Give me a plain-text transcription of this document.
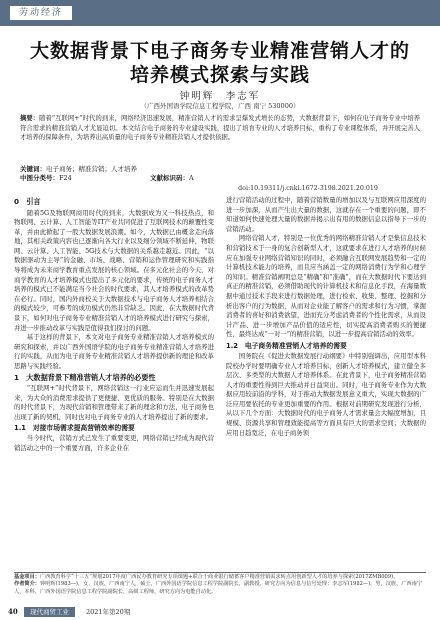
劳动经济
大数据背景下电子商务专业精准营销人才的
培养模式探索与实践
钟明辉　李志军
（广西外国语学院信息工程学院，广西 南宁 530000）
摘要：随着“互联网+”时代的到来，网络经济迅速发展，精准营销人才的需求呈爆发式增长的态势，大数据背景下，如何在电子商务专业中培养符合需求的精准营销人才尤显迫切。本文结合电子商务的专业建设实践，提出了培育专业的人才培养目标，重构了专业课程体系，并开展完善人才培养的保障条件，为培养出高质量的电子商务专业精准营销人才提供依据。
关键词：电子商务；精准营销；人才培养
中图分类号：F24	文献标识码：A
doi:10.19311/j.cnki.1672-3198.2021.20.019
0　引言

随着5G及物联网商用时代的到来，大数据成为又一科技热点，和物联网、云计算、人工智能等IT产业共同促进了互联网技术的颠覆性变革，并由此掀起了一股大数据发展浪潮。如今，大数据已由概念走向落地，其相关政策内容也已逐渐向各大行业以及细分领域不断延伸，物联网、云计算、人工智能、5G技术与大数据的关系越走越近。因此，“以数据驱动为主导”的金融、市场、战略、营销和运作管理研究和实践指导将成为未来商学教育重点发展的核心领域。在多元化社会的今天，对商学教育的人才培养模式也提出了多元化的要求，传统的电子商务人才培养的模式已不能满足当今社会的时代要求，其人才培养模式的改革势在必行。同时，国内外商校关于大数据技术与电子商务人才培养相结合的模式较少，可参考的成功模式仍然非常缺乏。因此，在大数据时代背景下，如何对电子商务专业精准营销人才的培养模式进行研究与探索，并进一步推动改革与实践是值得我们探讨的问题。

基于这样的背景下，本文对电子商务专业精准营销人才培养模式的研究和探索，并以广西外国语学院的电子商务专业精准营销人才培养进行的实践，从而为电子商务专业精准营销人才培养提供新的理论和改革思路与实践经验。

1　大数据背景下精准营销人才培养的必要性

“互联网+”时代背景下，网络营销这一行业应运而生并迅速发展起来，为大众的消费需求提供了更便捷、更优质的服务。特别是在大数据的时代背景下，为现代营销和管理带来了新的理念和方法，电子商务也出现了新的契机，同时也对电子商务专业的人才培养提出了新的要求。

1.1　对接市场需求提高营销效率的需要

当今时代，营销方式已发生了重要变更，网络营销已经成为现代营销活动之中的一个重要方面，许多企业在

进行营销活动的过程中，随着营销数量的增加以及与互联网应用深度的进一步加深，从而产生出大量的数据，这就存在一个重要的问题，即不知道如何快速处理大量的数据并揭示出有用的数据信息以指导下一步的营销活动。

网络营销人才，特别是一位优秀的网络精准营销人才是集信息技术和营销技术于一身的复合创新型人才，这就要求在进行人才培养的时候应在加强专业网络营销知识的同时，必须融合互联网发展趋势和一定的计算机技术能力的培养，而且应当涵盖一定的网络消费行为学和心理学的知识。精准营销阐明总是“精确”和“准确”，而在大数据时代下要达到真正的精准营销，必须借助现代的计算机技术和信息化手段，在海量数据中通过技术手段来进行数据处理，进行检索、收集、整理、挖掘和分析出客户的行为数据，从而对企业能了解客户的需求和行为习惯，掌握消费者的喜好和消费欲望，进而充分考虑消费者的个性化需求，从而设计产品、进一步增加产品价值的适应性，切实提高消费者购买的便捷性，最终达成“一对一”的精准营销，以进一步提高营销活动的效率。

1.2　电子商务精准营销人才培养的需要

国务院在《促进大数据发展行动纲要》中特别强调出，应用型本科院校办学时要明确专业人才培养目标，创新人才培养模式，建立健全多层次、多类型的大数据人才培养体系。在此背景下，电子商务精准营销人才的重要性得到巨大推动并日益突出。同时，电子商务专业作为大数据应用较前沿的学科，对于推动大数据发展意义重大，实现大数据的广泛应用要依托的专业更加重要的作用。根据对前期研究发现进行分析，从以下几个方面：大数据时代的电子商务人才需求量会大幅度增加，且规模、资源共享和管理效能提高等方面具有巨大的需求空间；大数据的应用日趋宽泛，在电子商务领

基金项目：广西教育科学“十三五”规划2017年度广西民办教育研究专项课题+联合于商业银行储蓄客户精准营销需求转点用创新型人才的培养与探索(2017ZMB009)。
作者简介：钟明辉(1983—)，女，汉族，广西南宁人，硕士，广西外国语学院信息工程学院副院长，副教授，研究方向为信息与信号处理；李志军(1982—)，男，汉族，广西南宁人，本科，广西外国语学院信息工程学院副院长，高级工程师，研究方向为电能自动化。
40	现代商贸工业	2021年第20期
